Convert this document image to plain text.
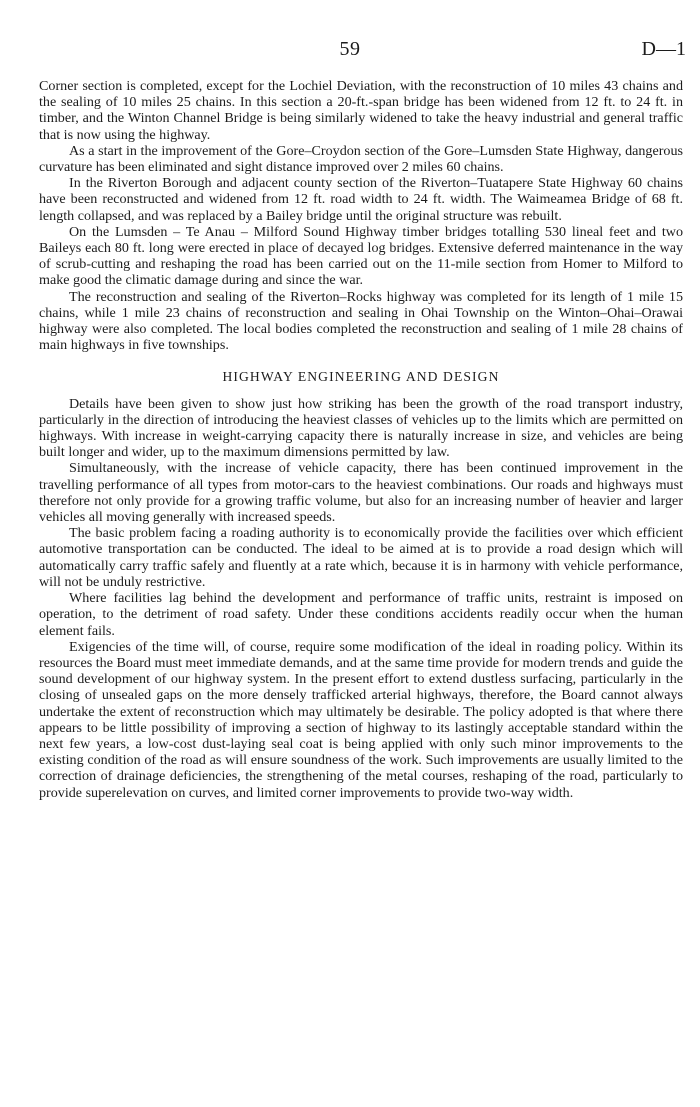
59	D—1

Corner section is completed, except for the Lochiel Deviation, with the reconstruction of 10 miles 43 chains and the sealing of 10 miles 25 chains. In this section a 20-ft.-span bridge has been widened from 12 ft. to 24 ft. in timber, and the Winton Channel Bridge is being similarly widened to take the heavy industrial and general traffic that is now using the highway.

As a start in the improvement of the Gore–Croydon section of the Gore–Lumsden State Highway, dangerous curvature has been eliminated and sight distance improved over 2 miles 60 chains.

In the Riverton Borough and adjacent county section of the Riverton–Tuatapere State Highway 60 chains have been reconstructed and widened from 12 ft. road width to 24 ft. width. The Waimeamea Bridge of 68 ft. length collapsed, and was replaced by a Bailey bridge until the original structure was rebuilt.

On the Lumsden – Te Anau – Milford Sound Highway timber bridges totalling 530 lineal feet and two Baileys each 80 ft. long were erected in place of decayed log bridges. Extensive deferred maintenance in the way of scrub-cutting and reshaping the road has been carried out on the 11-mile section from Homer to Milford to make good the climatic damage during and since the war.

The reconstruction and sealing of the Riverton–Rocks highway was completed for its length of 1 mile 15 chains, while 1 mile 23 chains of reconstruction and sealing in Ohai Township on the Winton–Ohai–Orawai highway were also completed. The local bodies completed the reconstruction and sealing of 1 mile 28 chains of main highways in five townships.

HIGHWAY ENGINEERING AND DESIGN

Details have been given to show just how striking has been the growth of the road transport industry, particularly in the direction of introducing the heaviest classes of vehicles up to the limits which are permitted on highways. With increase in weight-carrying capacity there is naturally increase in size, and vehicles are being built longer and wider, up to the maximum dimensions permitted by law.

Simultaneously, with the increase of vehicle capacity, there has been continued improvement in the travelling performance of all types from motor-cars to the heaviest combinations. Our roads and highways must therefore not only provide for a growing traffic volume, but also for an increasing number of heavier and larger vehicles all moving generally with increased speeds.

The basic problem facing a roading authority is to economically provide the facilities over which efficient automotive transportation can be conducted. The ideal to be aimed at is to provide a road design which will automatically carry traffic safely and fluently at a rate which, because it is in harmony with vehicle performance, will not be unduly restrictive.

Where facilities lag behind the development and performance of traffic units, restraint is imposed on operation, to the detriment of road safety. Under these conditions accidents readily occur when the human element fails.

Exigencies of the time will, of course, require some modification of the ideal in roading policy. Within its resources the Board must meet immediate demands, and at the same time provide for modern trends and guide the sound development of our highway system. In the present effort to extend dustless surfacing, particularly in the closing of unsealed gaps on the more densely trafficked arterial highways, therefore, the Board cannot always undertake the extent of reconstruction which may ultimately be desirable. The policy adopted is that where there appears to be little possibility of improving a section of highway to its lastingly acceptable standard within the next few years, a low-cost dust-laying seal coat is being applied with only such minor improvements to the existing condition of the road as will ensure soundness of the work. Such improvements are usually limited to the correction of drainage deficiencies, the strengthening of the metal courses, reshaping of the road, particularly to provide superelevation on curves, and limited corner improvements to provide two-way width.
